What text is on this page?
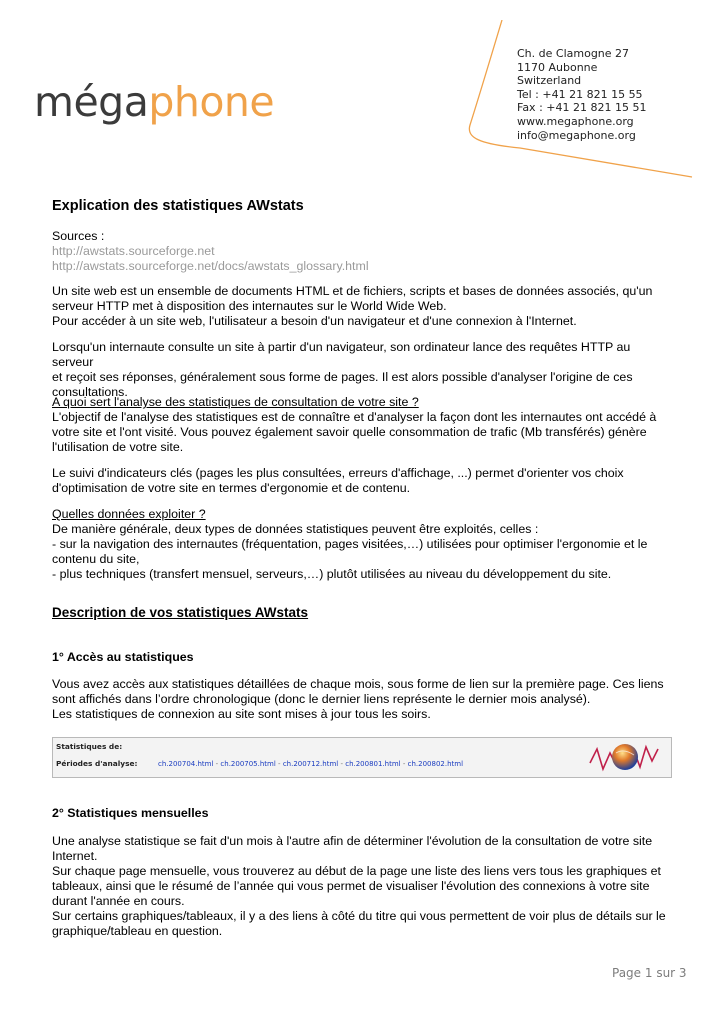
mégaphone
Ch. de Clamogne 27
1170 Aubonne
Switzerland
Tel : +41 21 821 15 55
Fax : +41 21 821 15 51
www.megaphone.org
info@megaphone.org
Explication des statistiques AWstats

Sources :

http://awstats.sourceforge.net

http://awstats.sourceforge.net/docs/awstats_glossary.html

Un site web est un ensemble de documents HTML et de fichiers, scripts et bases de données associés, qu'un

serveur HTTP met à disposition des internautes sur le World Wide Web.

Pour accéder à un site web, l'utilisateur a besoin d'un navigateur et d'une connexion à l'Internet.

Lorsqu'un internaute consulte un site à partir d'un navigateur, son ordinateur lance des requêtes HTTP au serveur

et reçoit ses réponses, généralement sous forme de pages. Il est alors possible d'analyser l'origine de ces

consultations.

A quoi sert l'analyse des statistiques de consultation de votre site ?

L'objectif de l'analyse des statistiques est de connaître et d'analyser la façon dont les internautes ont accédé à

votre site et l'ont visité. Vous pouvez également savoir quelle consommation de trafic (Mb transférés) génère

l'utilisation de votre site.

Le suivi d'indicateurs clés (pages les plus consultées, erreurs d'affichage, ...) permet d'orienter vos choix

d'optimisation de votre site en termes d'ergonomie et de contenu.

Quelles données exploiter ?

De manière générale, deux types de données statistiques peuvent être exploités, celles :

- sur la navigation des internautes (fréquentation, pages visitées,…) utilisées pour optimiser l'ergonomie et le

contenu du site,

- plus techniques (transfert mensuel, serveurs,…) plutôt utilisées au niveau du développement du site.

Description de vos statistiques AWstats
1° Accès au statistiques

Vous avez accès aux statistiques détaillées de chaque mois, sous forme de lien sur la première page. Ces liens

sont affichés dans l’ordre chronologique (donc le dernier liens représente le dernier mois analysé).

Les statistiques de connexion au site sont mises à jour tous les soirs.

Statistiques de:
Périodes d'analyse:	ch.200704.html - ch.200705.html - ch.200712.html - ch.200801.html - ch.200802.html
2° Statistiques mensuelles

Une analyse statistique se fait d'un mois à l'autre afin de déterminer l'évolution de la consultation de votre site

Internet.

Sur chaque page mensuelle, vous trouverez au début de la page une liste des liens vers tous les graphiques et

tableaux, ainsi que le résumé de l’année qui vous permet de visualiser l'évolution des connexions à votre site

durant l'année en cours.

Sur certains graphiques/tableaux, il y a des liens à côté du titre qui vous permettent de voir plus de détails sur le

graphique/tableau en question.

Page 1 sur 3
